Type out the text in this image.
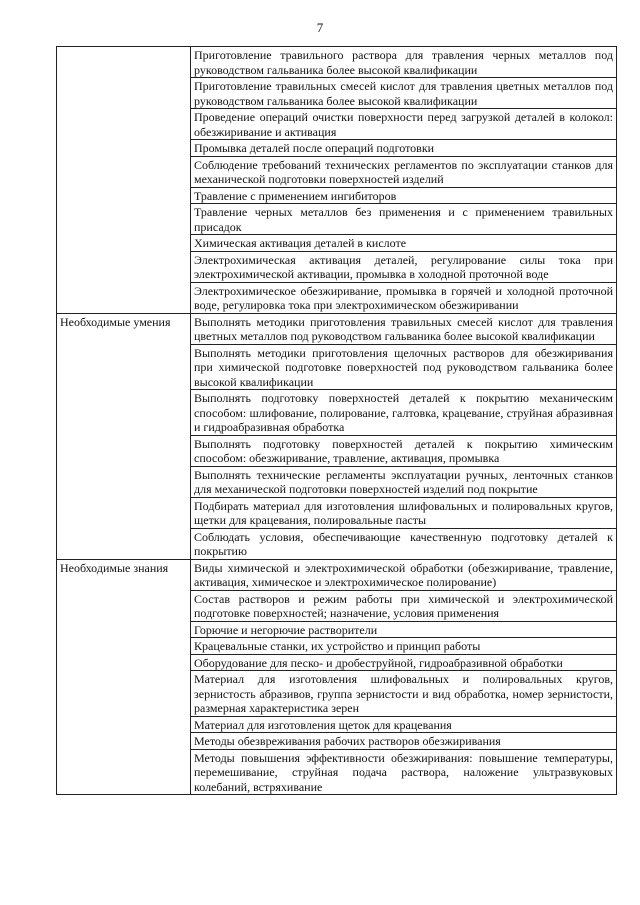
7
	Приготовление травильного раствора для травления черных металлов под руководством гальваника более высокой квалификации
	Приготовление травильных смесей кислот для травления цветных металлов под руководством гальваника более высокой квалификации
	Проведение операций очистки поверхности перед загрузкой деталей в колокол: обезжиривание и активация
	Промывка деталей после операций подготовки
	Соблюдение требований технических регламентов по эксплуатации станков для механической подготовки поверхностей изделий
	Травление с применением ингибиторов
	Травление черных металлов без применения и с применением травильных присадок
	Химическая активация деталей в кислоте
	Электрохимическая активация деталей, регулирование силы тока при электрохимической активации, промывка в холодной проточной воде
	Электрохимическое обезжиривание, промывка в горячей и холодной проточной воде, регулировка тока при электрохимическом обезжиривании
Необходимые умения	Выполнять методики приготовления травильных смесей кислот для травления цветных металлов под руководством гальваника более высокой квалификации
	Выполнять методики приготовления щелочных растворов для обезжиривания при химической подготовке поверхностей под руководством гальваника более высокой квалификации
	Выполнять подготовку поверхностей деталей к покрытию механическим способом: шлифование, полирование, галтовка, крацевание, струйная абразивная и гидроабразивная обработка
	Выполнять подготовку поверхностей деталей к покрытию химическим способом: обезжиривание, травление, активация, промывка
	Выполнять технические регламенты эксплуатации ручных, ленточных станков для механической подготовки поверхностей изделий под покрытие
	Подбирать материал для изготовления шлифовальных и полировальных кругов, щетки для крацевания, полировальные пасты
	Соблюдать условия, обеспечивающие качественную подготовку деталей к покрытию
Необходимые знания	Виды химической и электрохимической обработки (обезжиривание, травление, активация, химическое и электрохимическое полирование)
	Состав растворов и режим работы при химической и электрохимической подготовке поверхностей; назначение, условия применения
	Горючие и негорючие растворители
	Крацевальные станки, их устройство и принцип работы
	Оборудование для песко- и дробеструйной, гидроабразивной обработки
	Материал для изготовления шлифовальных и полировальных кругов, зернистость абразивов, группа зернистости и вид обработка, номер зернистости, размерная характеристика зерен
	Материал для изготовления щеток для крацевания
	Методы обезвреживания рабочих растворов обезжиривания
	Методы повышения эффективности обезжиривания: повышение температуры, перемешивание, струйная подача раствора, наложение ультразвуковых колебаний, встряхивание
